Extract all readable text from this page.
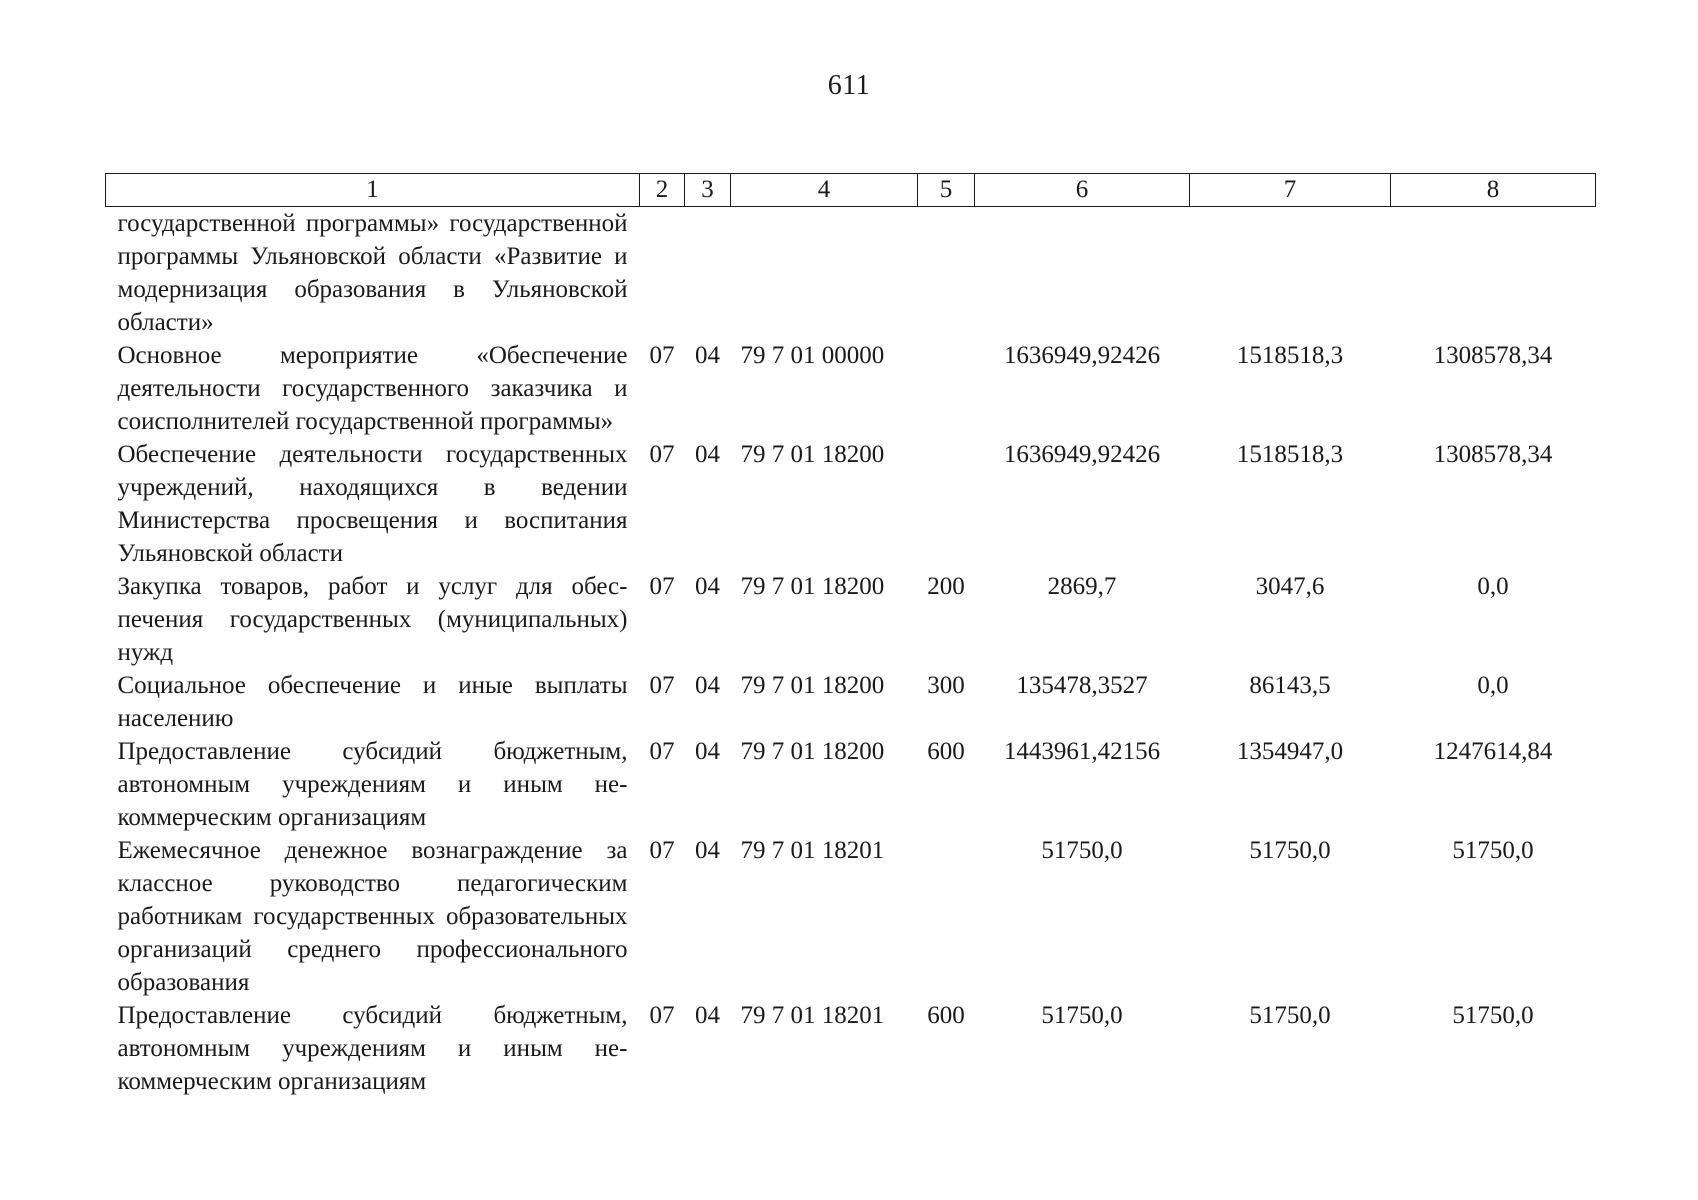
611
1	2	3	4	5	6	7	8
государственной программы» государственной программы Ульяновской области «Развитие и модернизация образования в Ульяновской области»							
Основное мероприятие «Обеспечение деятельности государственного заказчика и соисполнителей государственной программы»	07	04	79 7 01 00000		1636949,92426	1518518,3	1308578,34
Обеспечение деятельности государственных учреждений, находящихся в ведении Министерства просвещения и воспитания Ульяновской области	07	04	79 7 01 18200		1636949,92426	1518518,3	1308578,34
Закупка товаров, работ и услуг для обеспечения государственных (муниципальных) нужд	07	04	79 7 01 18200	200	2869,7	3047,6	0,0
Социальное обеспечение и иные выплаты населению	07	04	79 7 01 18200	300	135478,3527	86143,5	0,0
Предоставление субсидий бюджетным, автономным учреждениям и иным некоммерческим организациям	07	04	79 7 01 18200	600	1443961,42156	1354947,0	1247614,84
Ежемесячное денежное вознаграждение за классное руководство педагогическим работникам государственных образовательных организаций среднего профессионального образования	07	04	79 7 01 18201		51750,0	51750,0	51750,0
Предоставление субсидий бюджетным, автономным учреждениям и иным некоммерческим организациям	07	04	79 7 01 18201	600	51750,0	51750,0	51750,0
